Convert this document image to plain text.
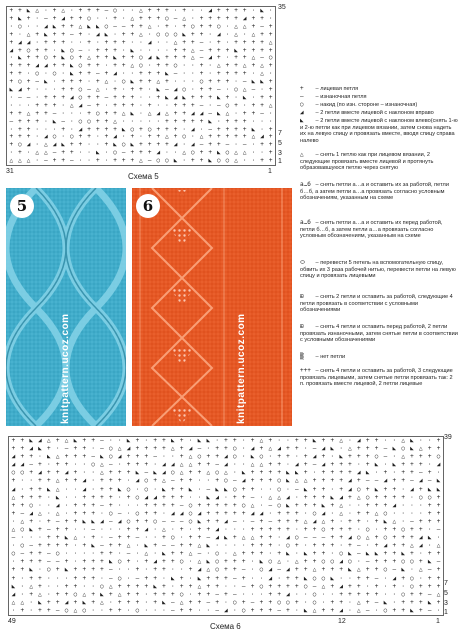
+ + ◣ △ · + △ · + + + – ○ · · △ + + + · + · · ◢ + + + + · ◣ ·
+ ◣ + · – + ◢ + + ○ · · + · △ + + + ○ – △ · + + + + + ◢ + + ·
· ○ · · ◢ ◣ + + △ ◣ ◣ ○ – – + + △ · + · + ○ + + ○ · △ △ + – +
+ · △ + ◣ + + – + · ◢ ◣ · + + △ · ○ ○ ○ ◣ + + · ◢ · △ · △ + +
+ ◢ ◢ · + + + · · + · + + + · · ◢ · · △ + + – · + · + + + + △
◢ + ○ + + · ◣ ○ – · + + + · ◣ · · · · + + △ – + + + ◣ + + + +
· ◣ + + ○ + ◣ ○ + △ + + ◣ + + ○ ◢ ◣ + + + △ – ◢ + · + + △ – ○
+ + + ◢ ◢ + + ◣ ○ + + · + + △ ○ · + + ○ · · + · △ + + △ + △ +
+ + · ○ · ○ · ◣ + + – + ◢ · · + + + ◣ – · · + · + + + + · △ ·
+ ○ + – ◣ · + + + · + △ · ○ ◣ + + △ + · · · ○ + + + · – ◣ ◣ +
◣ ◢ + · · · + + ○ – △ · + · + + · ◣ – ◢ ○ · + + – · ○ △ – · +
· – – · + + + ◢ ○ + + – + + + · · + ◣ ◢ ◣ + + + ◣ + · ◣ · + +
· · · + + + · △ ◢ – + · + + + · + · · + + + – · – ○ + · + + △
+ + △ + + – · · · + ○ + + △ ◣ · △ ◢ △ + + ◢ ◢ – ◣ △ · + + – ·
– + + + · ◣ – · ○ ○ + + △ · · · · · + + + + + ◣ · + + + · · ·
· + + · · · + · ◢ + + + + ◣ ○ + ○ + + + · ◢ · – + + + + ◣ · +
+ + + · ◢ ○ · ○ + + · + ◢ · + · + + △ + ○ · △ + + + + + △ ◢ +
+ ○ ◢ · △ ◢ ◣ + + · · + ◣ ○ ◣ + + + + ◢ · ◢ – + + – · – · + +
· + · △ △ – + + · · ◣ · ○ – + + + ◢ · · △ ○ + + ◣ ○ △ △ · · +
△ △ △ · – + + – · · + · + + + △ – ○ ○ ◣ · + + ◣ ○ ○ △ · · + +
35
7
5
3
1
31	1
Схема 5
5
knitpattern.ucoz.com
6
knitpattern.ucoz.com
+ – лицевая петля
– – изнаночная петля
○ – накид (по изн. стороне – изнаночная)
◢ – 2 петли вместе лицевой с наклоном вправо
◣ – 2 петли вместе лицевой с наклоном влево(снять 1-ю и 2-ю петли как при лицевом вязании, затем снова надеть их на левую спицу и провязать вместе, вводя спицу справа налево
△ – снять 1 петлю как при лицевом вязании, 2 следующие провязать вместе лицевой и протянуть образовавшуюся петлю через снятую
а…б – снять петли а…а и оставить их за работой, петли б…б, а затем петли а…а провязать согласно условным обозначениям, указанным на схеме
а…б – снять петли а…а и оставить их перед работой, петли б…б, а затем петли а…а провязать согласно условным обозначениям, указанным на схеме
⬭ – перевести 5 петель на вспомогательную спицу, обвить их 3 раза рабочей нитью, перевести петли на левую спицу и провязать лицевыми
⊞ – снять 2 петли и оставить за работой, следующие 4 петли провязать в соответствии с условными обозначениями
⊞ – снять 4 петли и оставить перед работой, 2 петли провязать изнаночными, затем снятые петли в соответствии с условными обозначениями
▒ – нет петли
+++ – снять 4 петли и оставить за работой, 3 следующие провязать лицевыми, затем снятые петли провязать так: 2 п. провязать вместе лицевой, 2 петли лицевые
+ + ◣ ◢ △ + △ ◣ + + – · · ◣ + · + + ◣ + · ◣ ◣ · + + · + △ + · · + + ◣ + + △ · ◢ + + · · △ ◣ · · +
+ + ◢ ◣ + · – + + · – ○ △ ◢ + + + + △ + ◢ – · + + ○ · ◢ + △ ◢ + + · – ◢ ◣ · △ + + + – ◣ ○ ◣ △ + +
◢ + + · ◣ △ + + + – ◣ ○ ◢ + + + – · · + △ ○ + + ◢ ○ · ◣ ○ · + + · + ◢ + · ◣ + + + ○ – · △ + + + ○
◢ ◢ – + · + + · · ○ △ – · + + + · ◢ ◢ △ △ + + – ◢ · · △ △ + + · ◢ + – ◢ + + + · + ◣ · ◣ + + + · ◢
○ ○ + ◢ + + ◢ + · · △ + + + ◣ – ◣ ◢ ○ △ + + △ ○ △ · ◣ + + + + ◣ ◣ + · + + + + ◢ ◣ · + · + + – + ·
+ · · + + △ + + ◢ · + + + · ◢ ○ + △ – + + · · + ○ – ◢ + + + ○ ◣ △ △ + + + + ◢ + – – ◢ + + – ◢ – ◣
◢ · + + ◣ △ · · ◢ · + + ◣ ○ · ○ · ◣ + + ◣ · – ◣ ◣ ○ + + · · ○ · – ◣ + + · + ◢ ○ + ◣ + + · ◢ + ◣ ◣
△ + + + · ◣ · · + + + + · + ○ ◢ ◢ + + + · · ◣ ◢ · + + – · △ △ ◢ · + + + ◣ ◢ + △ ○ + + + + · ○ ○ +
+ + ○ · · ◢ · + + + – + · · · + + + + – ○ + + + + + ○ △ · – ○ ◣ + + + ◣ + △ · · + + + ◢ · · · + +
+ – ◢ △ · △ · + + + · ○ – · ○ + + · ◢ ◢ ○ ◢ + + + + + ◢ ◢ · + + + · ○ ◢ · △ · + + △ ○ · · · · + +
· △ + · + – + + ◣ ◣ ◢ – ◢ ○ + + ○ – – – ○ ◣ + + ◢ – · – + – + + + △ ◢ △ + · + + · + ◣ △ · – + + +
△ ○ ◣ + – + + · · – · · · + + ◢ · △ · + · + + ◢ · · · + + + + + · + + ○ + + + · ○ · + + ○ + + · –
– · · · + + ◣ △ · + · – + + – · · + ○ · + + – ◢ ◣ + △ △ + + · ◢ ○ – – – + + ◢ ○ △ + ○ + + + ◢ ◣ ·
· ○ – + + + + · + ◣ – + + △ · ◣ + – – + + △ ◣ · · · · + + + · ○ + · + + + · + – · + ◢ + + △ ◢ · △
○ – + + – ○ · · · · + + · – · △ · ◣ + + △ – · ○ · △ + + + · + ◣ · ◣ + + · ○ ◣ – ◣ ◣ + + ◣ + · + +
· + + + – – + · + + + ◣ ○ + · + ◢ + + ○ · △ ◣ ○ + + + · ◣ ○ △ · △ + + ○ ○ ◢ ○ · – + + + ○ ○ + ◣ –
+ + ◣ · ○ + ◣ + + + + – · · + · + + · · + ◢ △ ○ + + – · ○ ◢ – ◢ + + △ + + + ◣ △ + + ○ – ◣ · △ – +
+ · + + · · · + + + · – ○ · – + + · ◣ + · ◣ + + + – + · · ◢ · + + ◣ ○ ○ ◣ · · + + – · ◢ + ○ · + +
◣ · △ + · · + + · · ○ △ + + + + ◣ + · + + △ + + · · – + ○ + + + + ○ – △ + ◢ + + · + · + · ○ + + +
◢ · + △ · + + ○ △ + ◣ + △ + + · + + + ○ · + + – + – · · · + + ◢ · · ○ · · + + + + + · · ○ + + – △
△ △ · ◣ + + ◢ + ◣ + △ · + + + · + ◣ – △ + + – + · ○ + – + + ○ ○ + · ○ · + + · △ + – ◣ · + + + ◣ +
· + · + + – ○ △ ○ · · + + · ○ · · · – + + · · – ◢ · ○ + + + – + · ◣ △ + + ◢ · △ – · ○ + + ◣ + – ·
39
7
5
3
1
49	12	1
Схема 6
